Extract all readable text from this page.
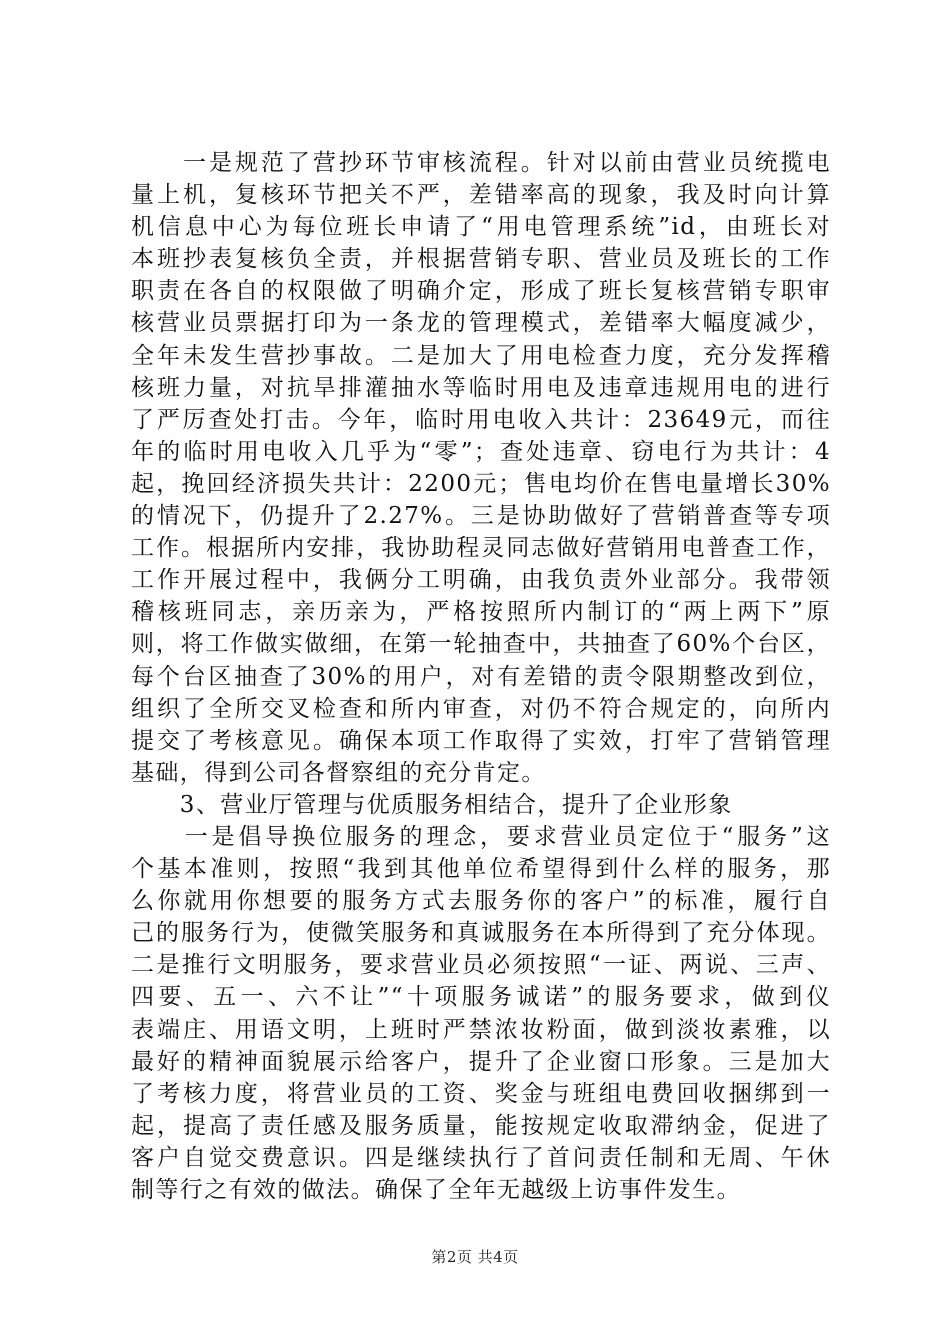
　　一是规范了营抄环节审核流程。针对以前由营业员统揽电
量上机，复核环节把关不严，差错率高的现象，我及时向计算
机信息中心为每位班长申请了“用电管理系统”id，由班长对
本班抄表复核负全责，并根据营销专职、营业员及班长的工作
职责在各自的权限做了明确介定，形成了班长复核营销专职审
核营业员票据打印为一条龙的管理模式，差错率大幅度减少，
全年未发生营抄事故。二是加大了用电检查力度，充分发挥稽
核班力量，对抗旱排灌抽水等临时用电及违章违规用电的进行
了严厉查处打击。今年，临时用电收入共计：23649元，而往
年的临时用电收入几乎为“零”；查处违章、窃电行为共计：4
起，挽回经济损失共计：2200元；售电均价在售电量增长30%
的情况下，仍提升了2.27%。三是协助做好了营销普查等专项
工作。根据所内安排，我协助程灵同志做好营销用电普查工作，
工作开展过程中，我俩分工明确，由我负责外业部分。我带领
稽核班同志，亲历亲为，严格按照所内制订的“两上两下”原
则，将工作做实做细，在第一轮抽查中，共抽查了60%个台区，
每个台区抽查了30%的用户，对有差错的责令限期整改到位，
组织了全所交叉检查和所内审查，对仍不符合规定的，向所内
提交了考核意见。确保本项工作取得了实效，打牢了营销管理
基础，得到公司各督察组的充分肯定。
　　3、营业厅管理与优质服务相结合，提升了企业形象
　　一是倡导换位服务的理念，要求营业员定位于“服务”这
个基本准则，按照“我到其他单位希望得到什么样的服务，那
么你就用你想要的服务方式去服务你的客户”的标准，履行自
己的服务行为，使微笑服务和真诚服务在本所得到了充分体现。
二是推行文明服务，要求营业员必须按照“一证、两说、三声、
四要、五一、六不让”“十项服务诚诺”的服务要求，做到仪
表端庄、用语文明，上班时严禁浓妆粉面，做到淡妆素雅，以
最好的精神面貌展示给客户，提升了企业窗口形象。三是加大
了考核力度，将营业员的工资、奖金与班组电费回收捆绑到一
起，提高了责任感及服务质量，能按规定收取滞纳金，促进了
客户自觉交费意识。四是继续执行了首问责任制和无周、午休
制等行之有效的做法。确保了全年无越级上访事件发生。
第2页 共4页
